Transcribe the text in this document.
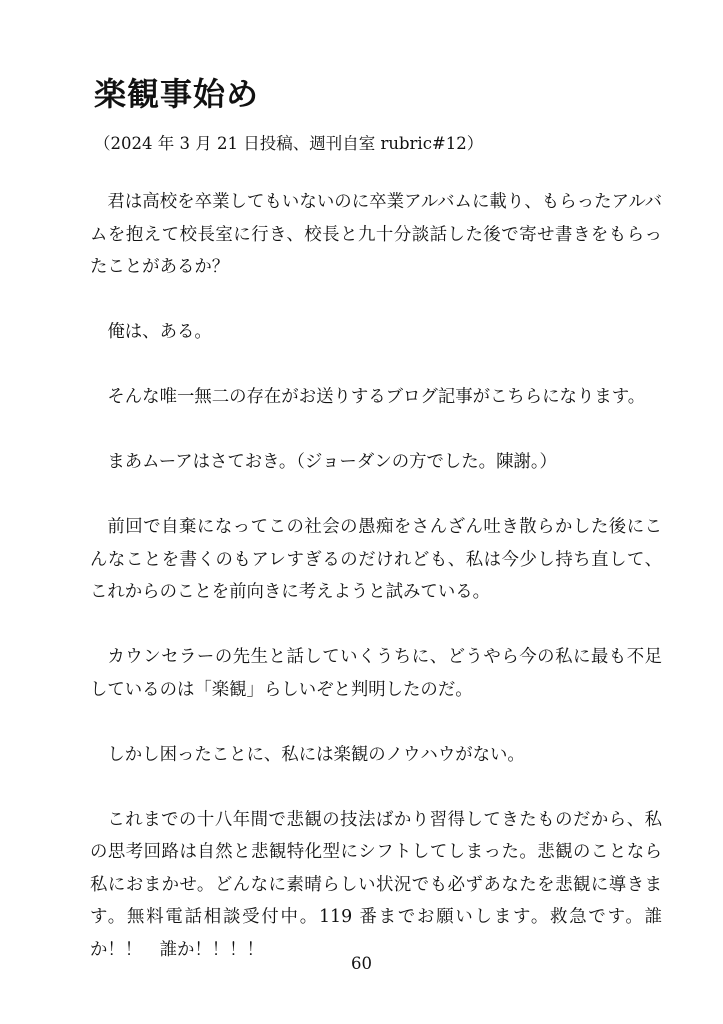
楽観事始め
（2024 年 3 月 21 日投稿、週刊自室 rubric#12）

君は高校を卒業してもいないのに卒業アルバムに載り、もらったアルバムを抱えて校長室に行き、校長と九十分談話した後で寄せ書きをもらったことがあるか？

俺は、ある。

そんな唯一無二の存在がお送りするブログ記事がこちらになります。

まあムーアはさておき。（ジョーダンの方でした。陳謝。）

前回で自棄になってこの社会の愚痴をさんざん吐き散らかした後にこんなことを書くのもアレすぎるのだけれども、私は今少し持ち直して、これからのことを前向きに考えようと試みている。

カウンセラーの先生と話していくうちに、どうやら今の私に最も不足しているのは「楽観」らしいぞと判明したのだ。

しかし困ったことに、私には楽観のノウハウがない。

これまでの十八年間で悲観の技法ばかり習得してきたものだから、私の思考回路は自然と悲観特化型にシフトしてしまった。悲観のことなら私におまかせ。どんなに素晴らしい状況でも必ずあなたを悲観に導きます。無料電話相談受付中。119 番までお願いします。救急です。誰か！！　誰か！！！！

60
